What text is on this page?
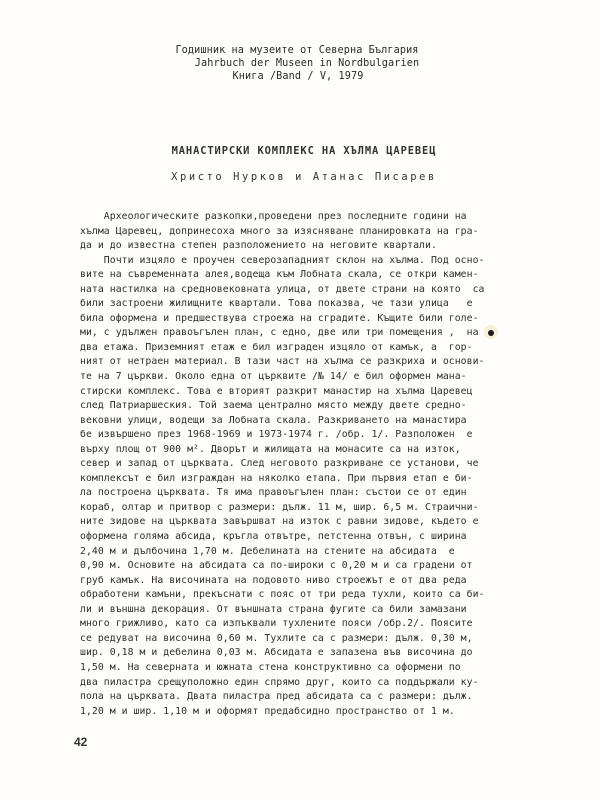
Годишник на музеите от Северна България
Jahrbuch der Museen in Nordbulgarien
Книга /Band / V, 1979
МАНАСТИРСКИ КОМПЛЕКС НА ХЪЛМА ЦАРЕВЕЦ
Христо Нурков и Атанас Писарев
Археологическите разкопки,проведени през последните години на
хълма Царевец, допринесоха много за изясняване планировката на гра-
да и до известна степен разположението на неговите квартали.
Почти изцяло е проучен северозападният склон на хълма. Под осно-
вите на съвременната алея,водеща към Лобната скала, се откри камен-
ната настилка на средновековната улица, от двете страни на която  са
били застроени жилищните квартали. Това показва, че тази улица   е
била оформена и предшествува строежа на сградите. Къщите били голе-
ми, с удължен правоъгълен план, с едно, две или три помещения ,  на
два етажа. Приземният етаж е бил изграден изцяло от камък, а  гор-
ният от нетраен материал. В тази част на хълма се разкриха и основи-
те на 7 църкви. Около една от църквите /№ 14/ е бил оформен мана-
стирски комплекс. Това е вторият разкрит манастир на хълма Царевец
след Патриаршеския. Той заема централно място между двете средно-
вековни улици, водещи за Лобната скала. Разкриването на манастира
бе извършено през 1968-1969 и 1973-1974 г. /обр. 1/. Разположен  е
върху площ от 900 м². Дворът и жилищата на монасите са на изток,
север и запад от църквата. След неговото разкриване се установи, че
комплексът е бил изграждан на няколко етапа. При първия етап е би-
ла построена църквата. Тя има правоъгълен план: състои се от един
кораб, олтар и притвор с размери: дълж. 11 м, шир. 6,5 м. Страични-
ните зидове на църквата завършват на изток с равни зидове, където е
оформена голяма абсида, кръгла отвътре, петстенна отвън, с ширина
2,40 м и дълбочина 1,70 м. Дебелината на стените на абсидата  е
0,90 м. Основите на абсидата са по-широки с 0,20 м и са градени от
груб камък. На височината на подовото ниво строежът е от два реда
обработени камъни, прекъснати с пояс от три реда тухли, които са би-
ли и външна декорация. От външната страна фугите са били замазани
много грижливо, като са изпъквали тухлените пояси /обр.2/. Поясите
се редуват на височина 0,60 м. Тухлите са с размери: дълж. 0,30 м,
шир. 0,18 м и дебелина 0,03 м. Абсидата е запазена във височина до
1,50 м. На северната и южната стена конструктивно са оформени по
два пиластра срещуположно един спрямо друг, които са поддържали ку-
пола на църквата. Двата пиластра пред абсидата са с размери: дълж.
1,20 м и шир. 1,10 м и оформят предабсидно пространство от 1 м.
42
